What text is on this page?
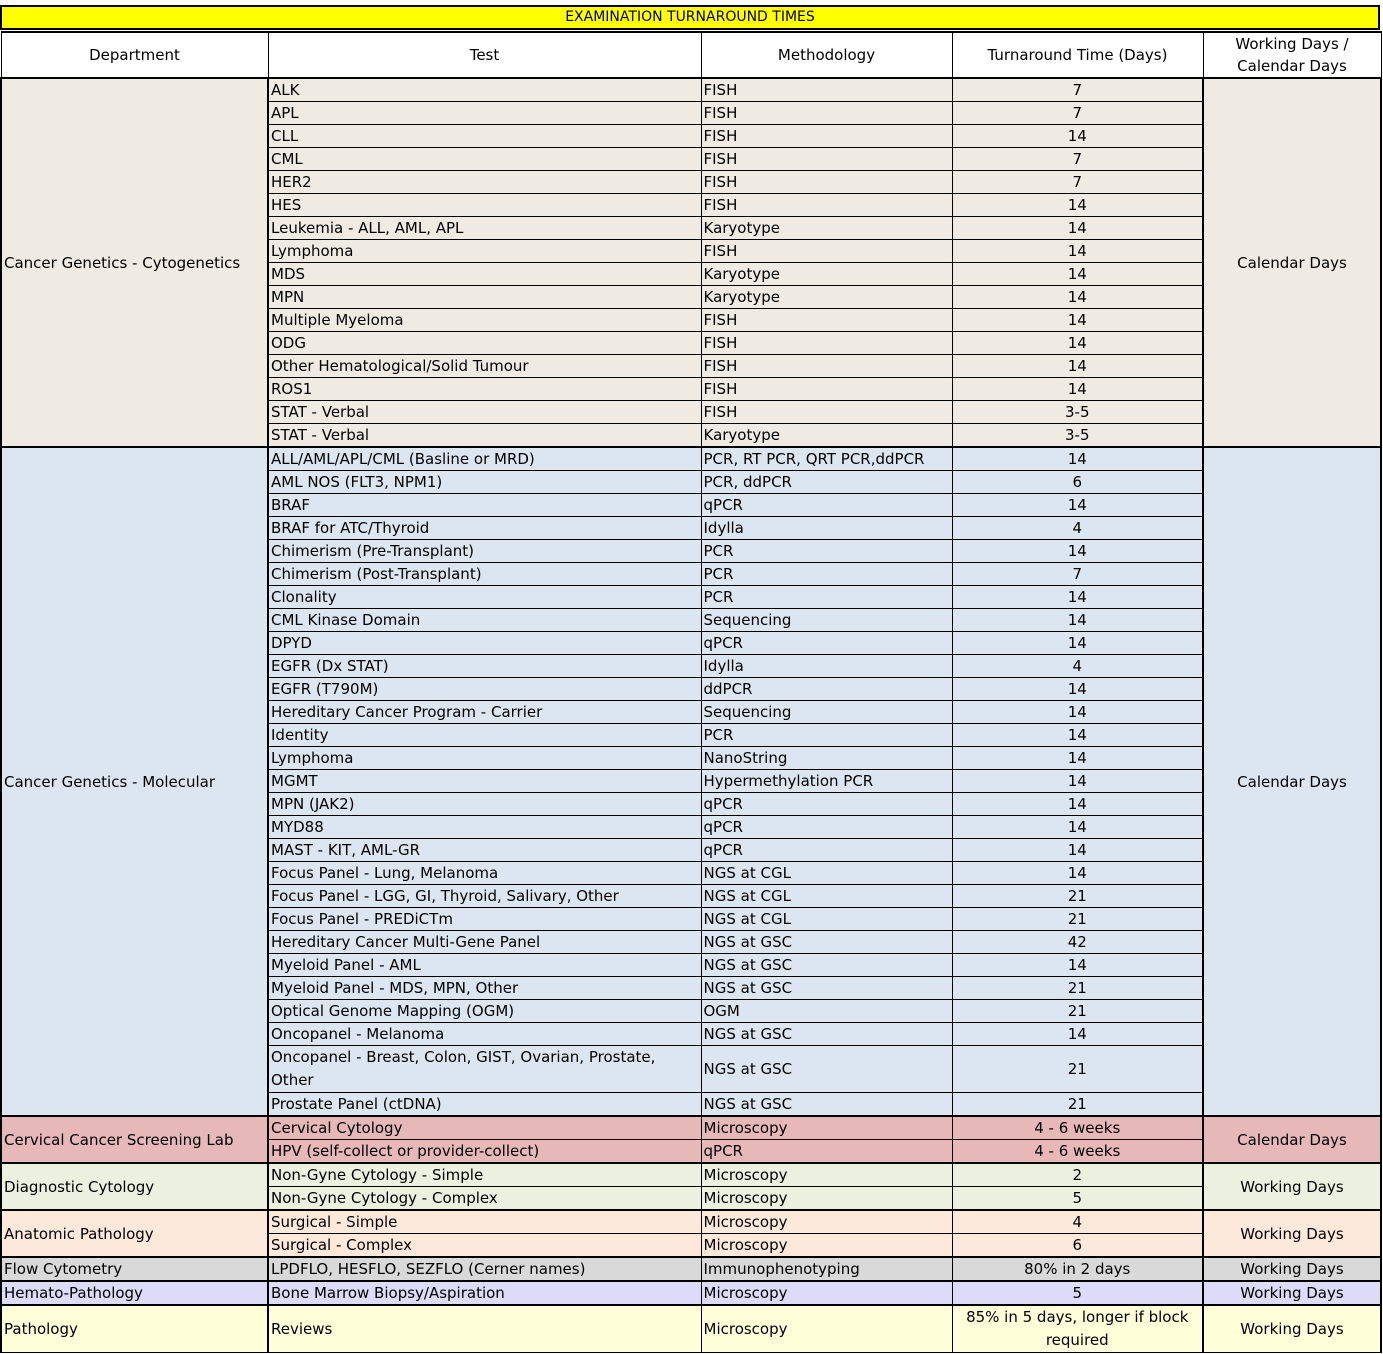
EXAMINATION TURNAROUND TIMES
Department	Test	Methodology	Turnaround Time (Days)	Working Days / Calendar Days
Cancer Genetics - Cytogenetics	ALK	FISH	7	Calendar Days
	APL	FISH	7	
	CLL	FISH	14	
	CML	FISH	7	
	HER2	FISH	7	
	HES	FISH	14	
	Leukemia - ALL, AML, APL	Karyotype	14	
	Lymphoma	FISH	14	
	MDS	Karyotype	14	
	MPN	Karyotype	14	
	Multiple Myeloma	FISH	14	
	ODG	FISH	14	
	Other Hematological/Solid Tumour	FISH	14	
	ROS1	FISH	14	
	STAT - Verbal	FISH	3-5	
	STAT - Verbal	Karyotype	3-5	
Cancer Genetics - Molecular	ALL/AML/APL/CML (Basline or MRD)	PCR, RT PCR, QRT PCR,ddPCR	14	Calendar Days
	AML NOS (FLT3, NPM1)	PCR, ddPCR	6	
	BRAF	qPCR	14	
	BRAF for ATC/Thyroid	Idylla	4	
	Chimerism (Pre-Transplant)	PCR	14	
	Chimerism (Post-Transplant)	PCR	7	
	Clonality	PCR	14	
	CML Kinase Domain	Sequencing	14	
	DPYD	qPCR	14	
	EGFR (Dx STAT)	Idylla	4	
	EGFR (T790M)	ddPCR	14	
	Hereditary Cancer Program - Carrier	Sequencing	14	
	Identity	PCR	14	
	Lymphoma	NanoString	14	
	MGMT	Hypermethylation PCR	14	
	MPN (JAK2)	qPCR	14	
	MYD88	qPCR	14	
	MAST - KIT, AML-GR	qPCR	14	
	Focus Panel - Lung, Melanoma	NGS at CGL	14	
	Focus Panel - LGG, GI, Thyroid, Salivary, Other	NGS at CGL	21	
	Focus Panel - PREDiCTm	NGS at CGL	21	
	Hereditary Cancer Multi-Gene Panel	NGS at GSC	42	
	Myeloid Panel - AML	NGS at GSC	14	
	Myeloid Panel - MDS, MPN, Other	NGS at GSC	21	
	Optical Genome Mapping (OGM)	OGM	21	
	Oncopanel - Melanoma	NGS at GSC	14	
	Oncopanel - Breast, Colon, GIST, Ovarian, Prostate, Other	NGS at GSC	21	
	Prostate Panel (ctDNA)	NGS at GSC	21	
Cervical Cancer Screening Lab	Cervical Cytology	Microscopy	4 - 6 weeks	Calendar Days
	HPV (self-collect or provider-collect)	qPCR	4 - 6 weeks	
Diagnostic Cytology	Non-Gyne Cytology - Simple	Microscopy	2	Working Days
	Non-Gyne Cytology - Complex	Microscopy	5	
Anatomic Pathology	Surgical - Simple	Microscopy	4	Working Days
	Surgical - Complex	Microscopy	6	
Flow Cytometry	LPDFLO, HESFLO, SEZFLO (Cerner names)	Immunophenotyping	80% in 2 days	Working Days
Hemato-Pathology	Bone Marrow Biopsy/Aspiration	Microscopy	5	Working Days
Pathology	Reviews	Microscopy	85% in 5 days, longer if block required	Working Days
